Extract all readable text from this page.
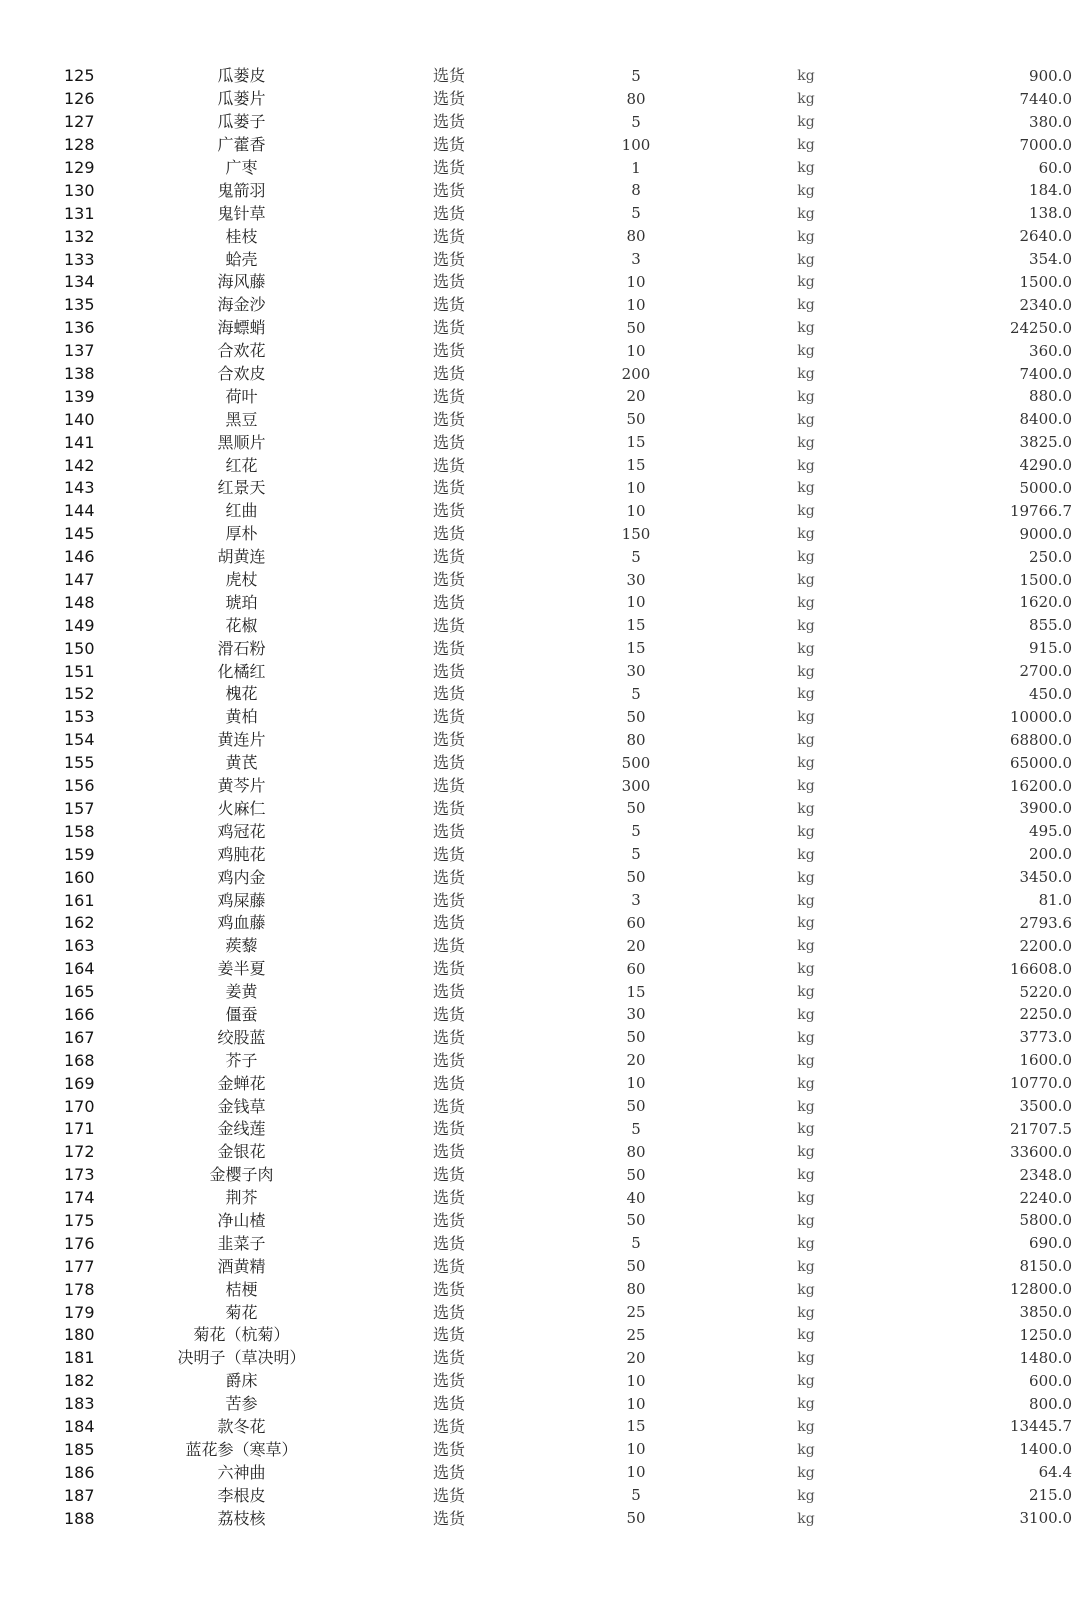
125	瓜蒌皮	选货	5	kg	900.0
126	瓜蒌片	选货	80	kg	7440.0
127	瓜蒌子	选货	5	kg	380.0
128	广藿香	选货	100	kg	7000.0
129	广枣	选货	1	kg	60.0
130	鬼箭羽	选货	8	kg	184.0
131	鬼针草	选货	5	kg	138.0
132	桂枝	选货	80	kg	2640.0
133	蛤壳	选货	3	kg	354.0
134	海风藤	选货	10	kg	1500.0
135	海金沙	选货	10	kg	2340.0
136	海螵蛸	选货	50	kg	24250.0
137	合欢花	选货	10	kg	360.0
138	合欢皮	选货	200	kg	7400.0
139	荷叶	选货	20	kg	880.0
140	黑豆	选货	50	kg	8400.0
141	黑顺片	选货	15	kg	3825.0
142	红花	选货	15	kg	4290.0
143	红景天	选货	10	kg	5000.0
144	红曲	选货	10	kg	19766.7
145	厚朴	选货	150	kg	9000.0
146	胡黄连	选货	5	kg	250.0
147	虎杖	选货	30	kg	1500.0
148	琥珀	选货	10	kg	1620.0
149	花椒	选货	15	kg	855.0
150	滑石粉	选货	15	kg	915.0
151	化橘红	选货	30	kg	2700.0
152	槐花	选货	5	kg	450.0
153	黄柏	选货	50	kg	10000.0
154	黄连片	选货	80	kg	68800.0
155	黄芪	选货	500	kg	65000.0
156	黄芩片	选货	300	kg	16200.0
157	火麻仁	选货	50	kg	3900.0
158	鸡冠花	选货	5	kg	495.0
159	鸡肫花	选货	5	kg	200.0
160	鸡内金	选货	50	kg	3450.0
161	鸡屎藤	选货	3	kg	81.0
162	鸡血藤	选货	60	kg	2793.6
163	蒺藜	选货	20	kg	2200.0
164	姜半夏	选货	60	kg	16608.0
165	姜黄	选货	15	kg	5220.0
166	僵蚕	选货	30	kg	2250.0
167	绞股蓝	选货	50	kg	3773.0
168	芥子	选货	20	kg	1600.0
169	金蝉花	选货	10	kg	10770.0
170	金钱草	选货	50	kg	3500.0
171	金线莲	选货	5	kg	21707.5
172	金银花	选货	80	kg	33600.0
173	金樱子肉	选货	50	kg	2348.0
174	荆芥	选货	40	kg	2240.0
175	净山楂	选货	50	kg	5800.0
176	韭菜子	选货	5	kg	690.0
177	酒黄精	选货	50	kg	8150.0
178	桔梗	选货	80	kg	12800.0
179	菊花	选货	25	kg	3850.0
180	菊花（杭菊）	选货	25	kg	1250.0
181	决明子（草决明）	选货	20	kg	1480.0
182	爵床	选货	10	kg	600.0
183	苦参	选货	10	kg	800.0
184	款冬花	选货	15	kg	13445.7
185	蓝花参（寒草）	选货	10	kg	1400.0
186	六神曲	选货	10	kg	64.4
187	李根皮	选货	5	kg	215.0
188	荔枝核	选货	50	kg	3100.0
